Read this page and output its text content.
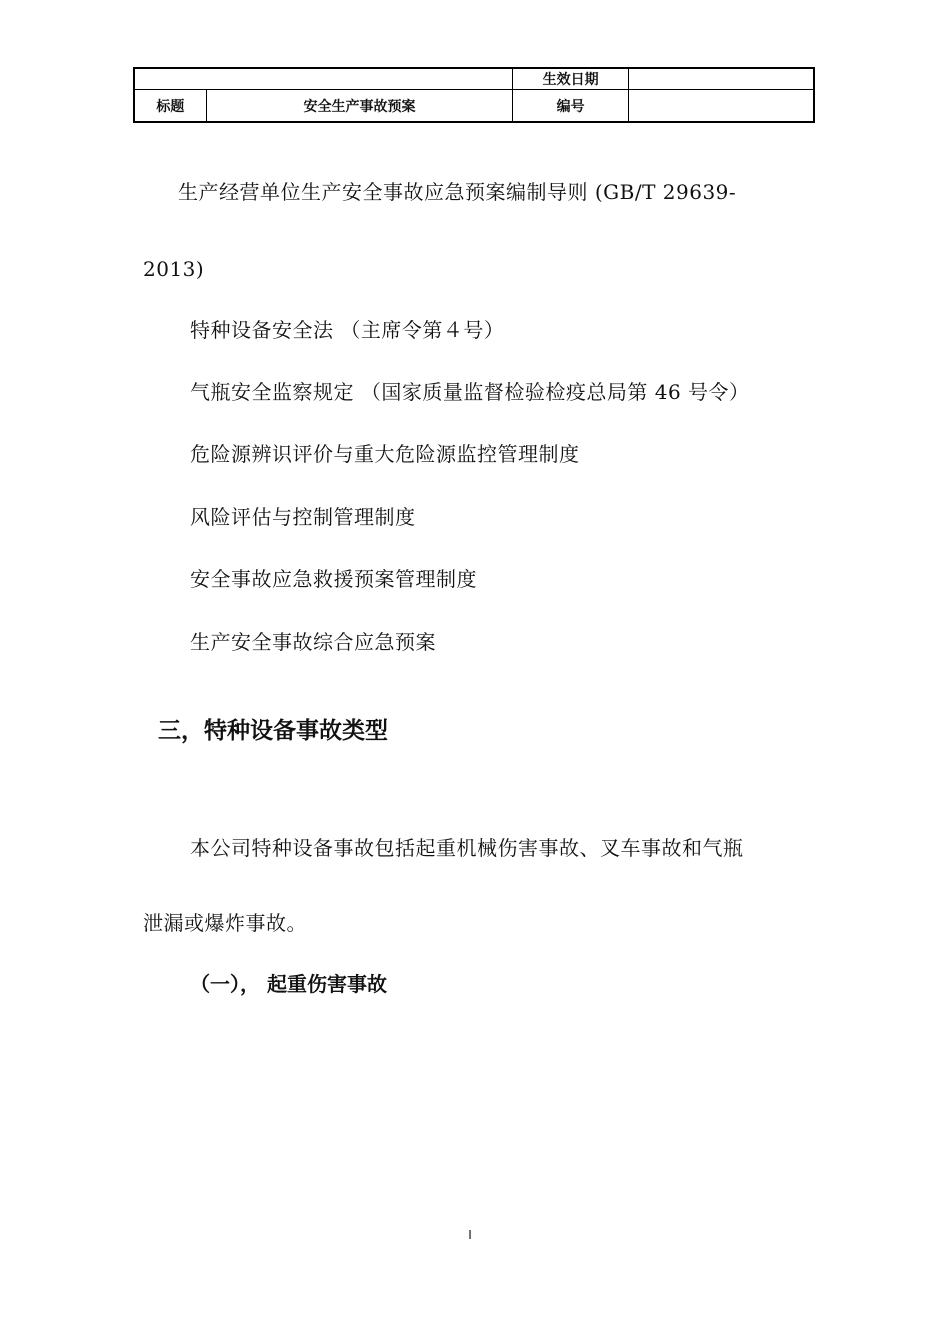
		生效日期	
标题	安全生产事故预案	编号	
生产经营单位生产安全事故应急预案编制导则 (GB/T 29639-
2013)
特种设备安全法 （主席令第４号）
气瓶安全监察规定 （国家质量监督检验检疫总局第 46 号令）
危险源辨识评价与重大危险源监控管理制度
风险评估与控制管理制度
安全事故应急救援预案管理制度
生产安全事故综合应急预案
三，特种设备事故类型
本公司特种设备事故包括起重机械伤害事故、叉车事故和气瓶
泄漏或爆炸事故。
（一）， 起重伤害事故
I
